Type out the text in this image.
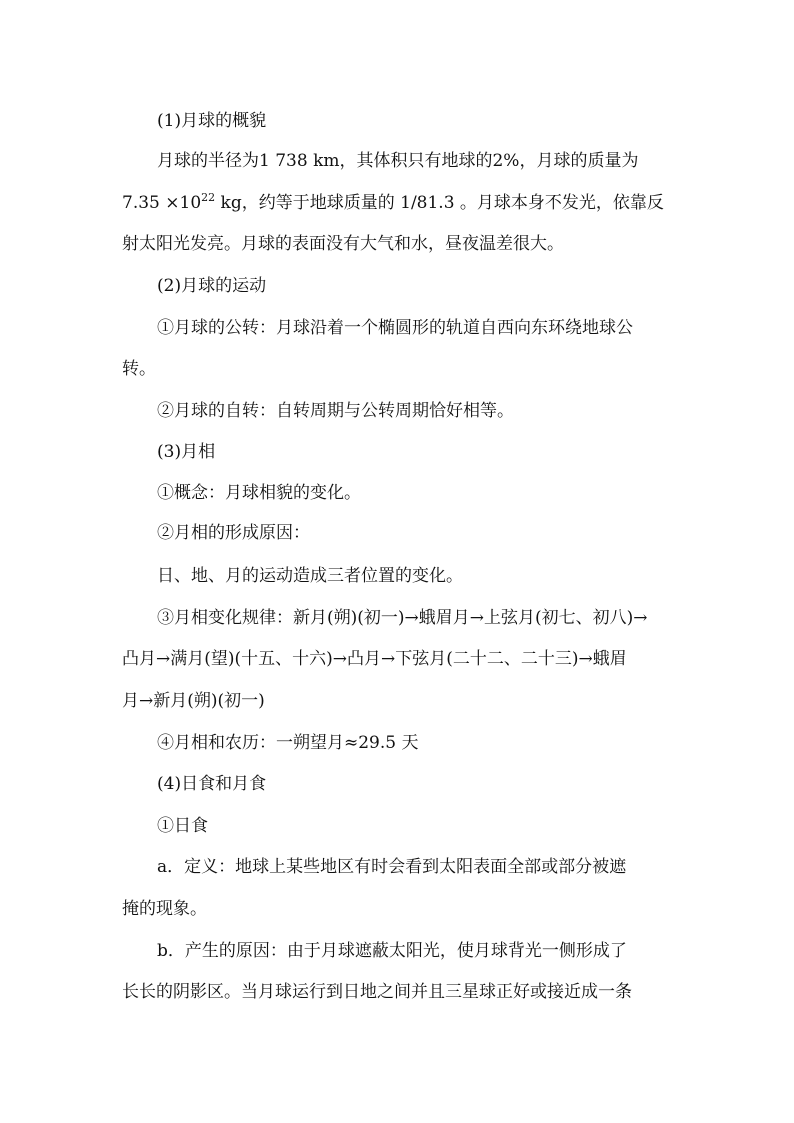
(1)月球的概貌
月球的半径为1 738 km，其体积只有地球的2%，月球的质量为
$7.35 \times 10^{22}$ kg，约等于地球质量的 1/81.3 。月球本身不发光，依靠反
射太阳光发亮。月球的表面没有大气和水，昼夜温差很大。
(2)月球的运动
①月球的公转：月球沿着一个椭圆形的轨道自西向东环绕地球公
转。
②月球的自转：自转周期与公转周期恰好相等。
(3)月相
①概念：月球相貌的变化。
②月相的形成原因：
日、地、月的运动造成三者位置的变化。
③月相变化规律：新月(朔)(初一)→蛾眉月→上弦月(初七、初八)→
凸月→满月(望)(十五、十六)→凸月→下弦月(二十二、二十三)→蛾眉
月→新月(朔)(初一)
④月相和农历：一朔望月≈29.5 天
(4)日食和月食
①日食
a．定义：地球上某些地区有时会看到太阳表面全部或部分被遮
掩的现象。
b．产生的原因：由于月球遮蔽太阳光，使月球背光一侧形成了
长长的阴影区。当月球运行到日地之间并且三星球正好或接近成一条
